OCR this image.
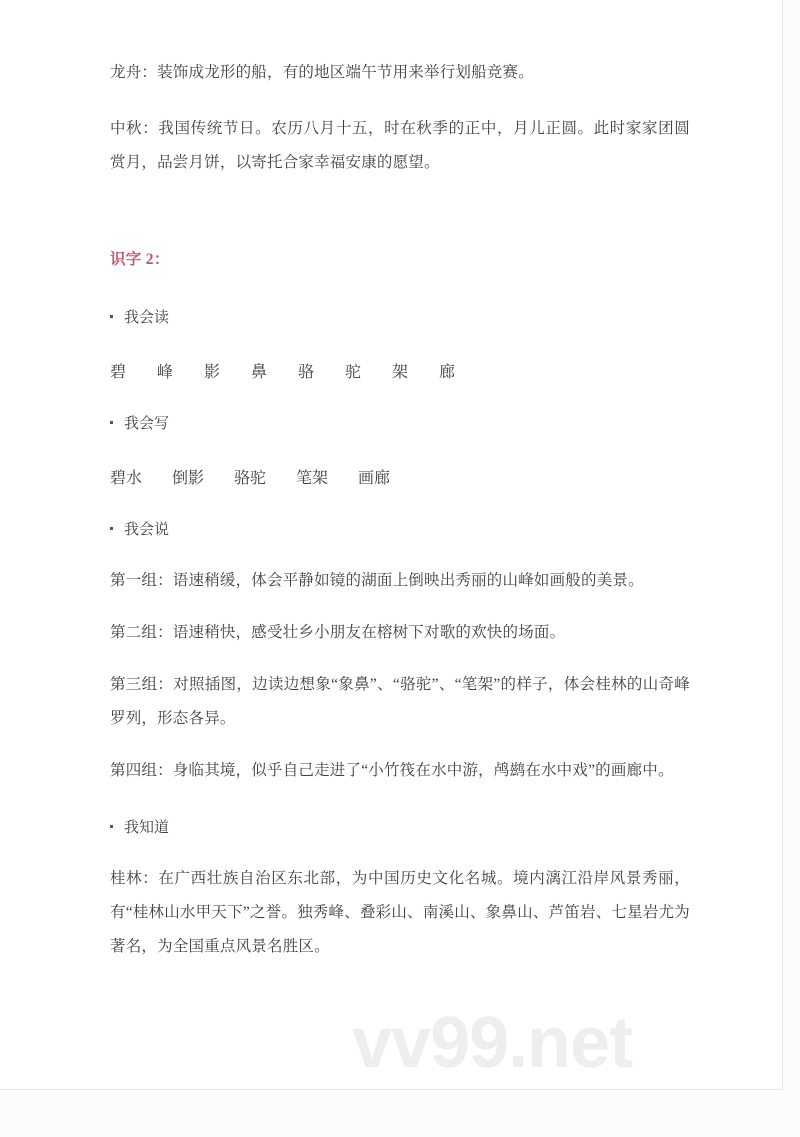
龙舟：装饰成龙形的船，有的地区端午节用来举行划船竞赛。

中秋：我国传统节日。农历八月十五，时在秋季的正中，月儿正圆。此时家家团圆赏月，品尝月饼，以寄托合家幸福安康的愿望。

识字 2：

我会读

碧	峰	影	鼻	骆	驼	架	廊

我会写

碧水	倒影	骆驼	笔架	画廊

我会说

第一组：语速稍缓，体会平静如镜的湖面上倒映出秀丽的山峰如画般的美景。

第二组：语速稍快，感受壮乡小朋友在榕树下对歌的欢快的场面。

第三组：对照插图，边读边想象“象鼻”、“骆驼”、“笔架”的样子，体会桂林的山奇峰罗列，形态各异。

第四组：身临其境，似乎自己走进了“小竹筏在水中游，鸬鹚在水中戏”的画廊中。

我知道

桂林：在广西壮族自治区东北部，为中国历史文化名城。境内漓江沿岸风景秀丽，有“桂林山水甲天下”之誉。独秀峰、叠彩山、南溪山、象鼻山、芦笛岩、七星岩尤为著名，为全国重点风景名胜区。

vv99.net
